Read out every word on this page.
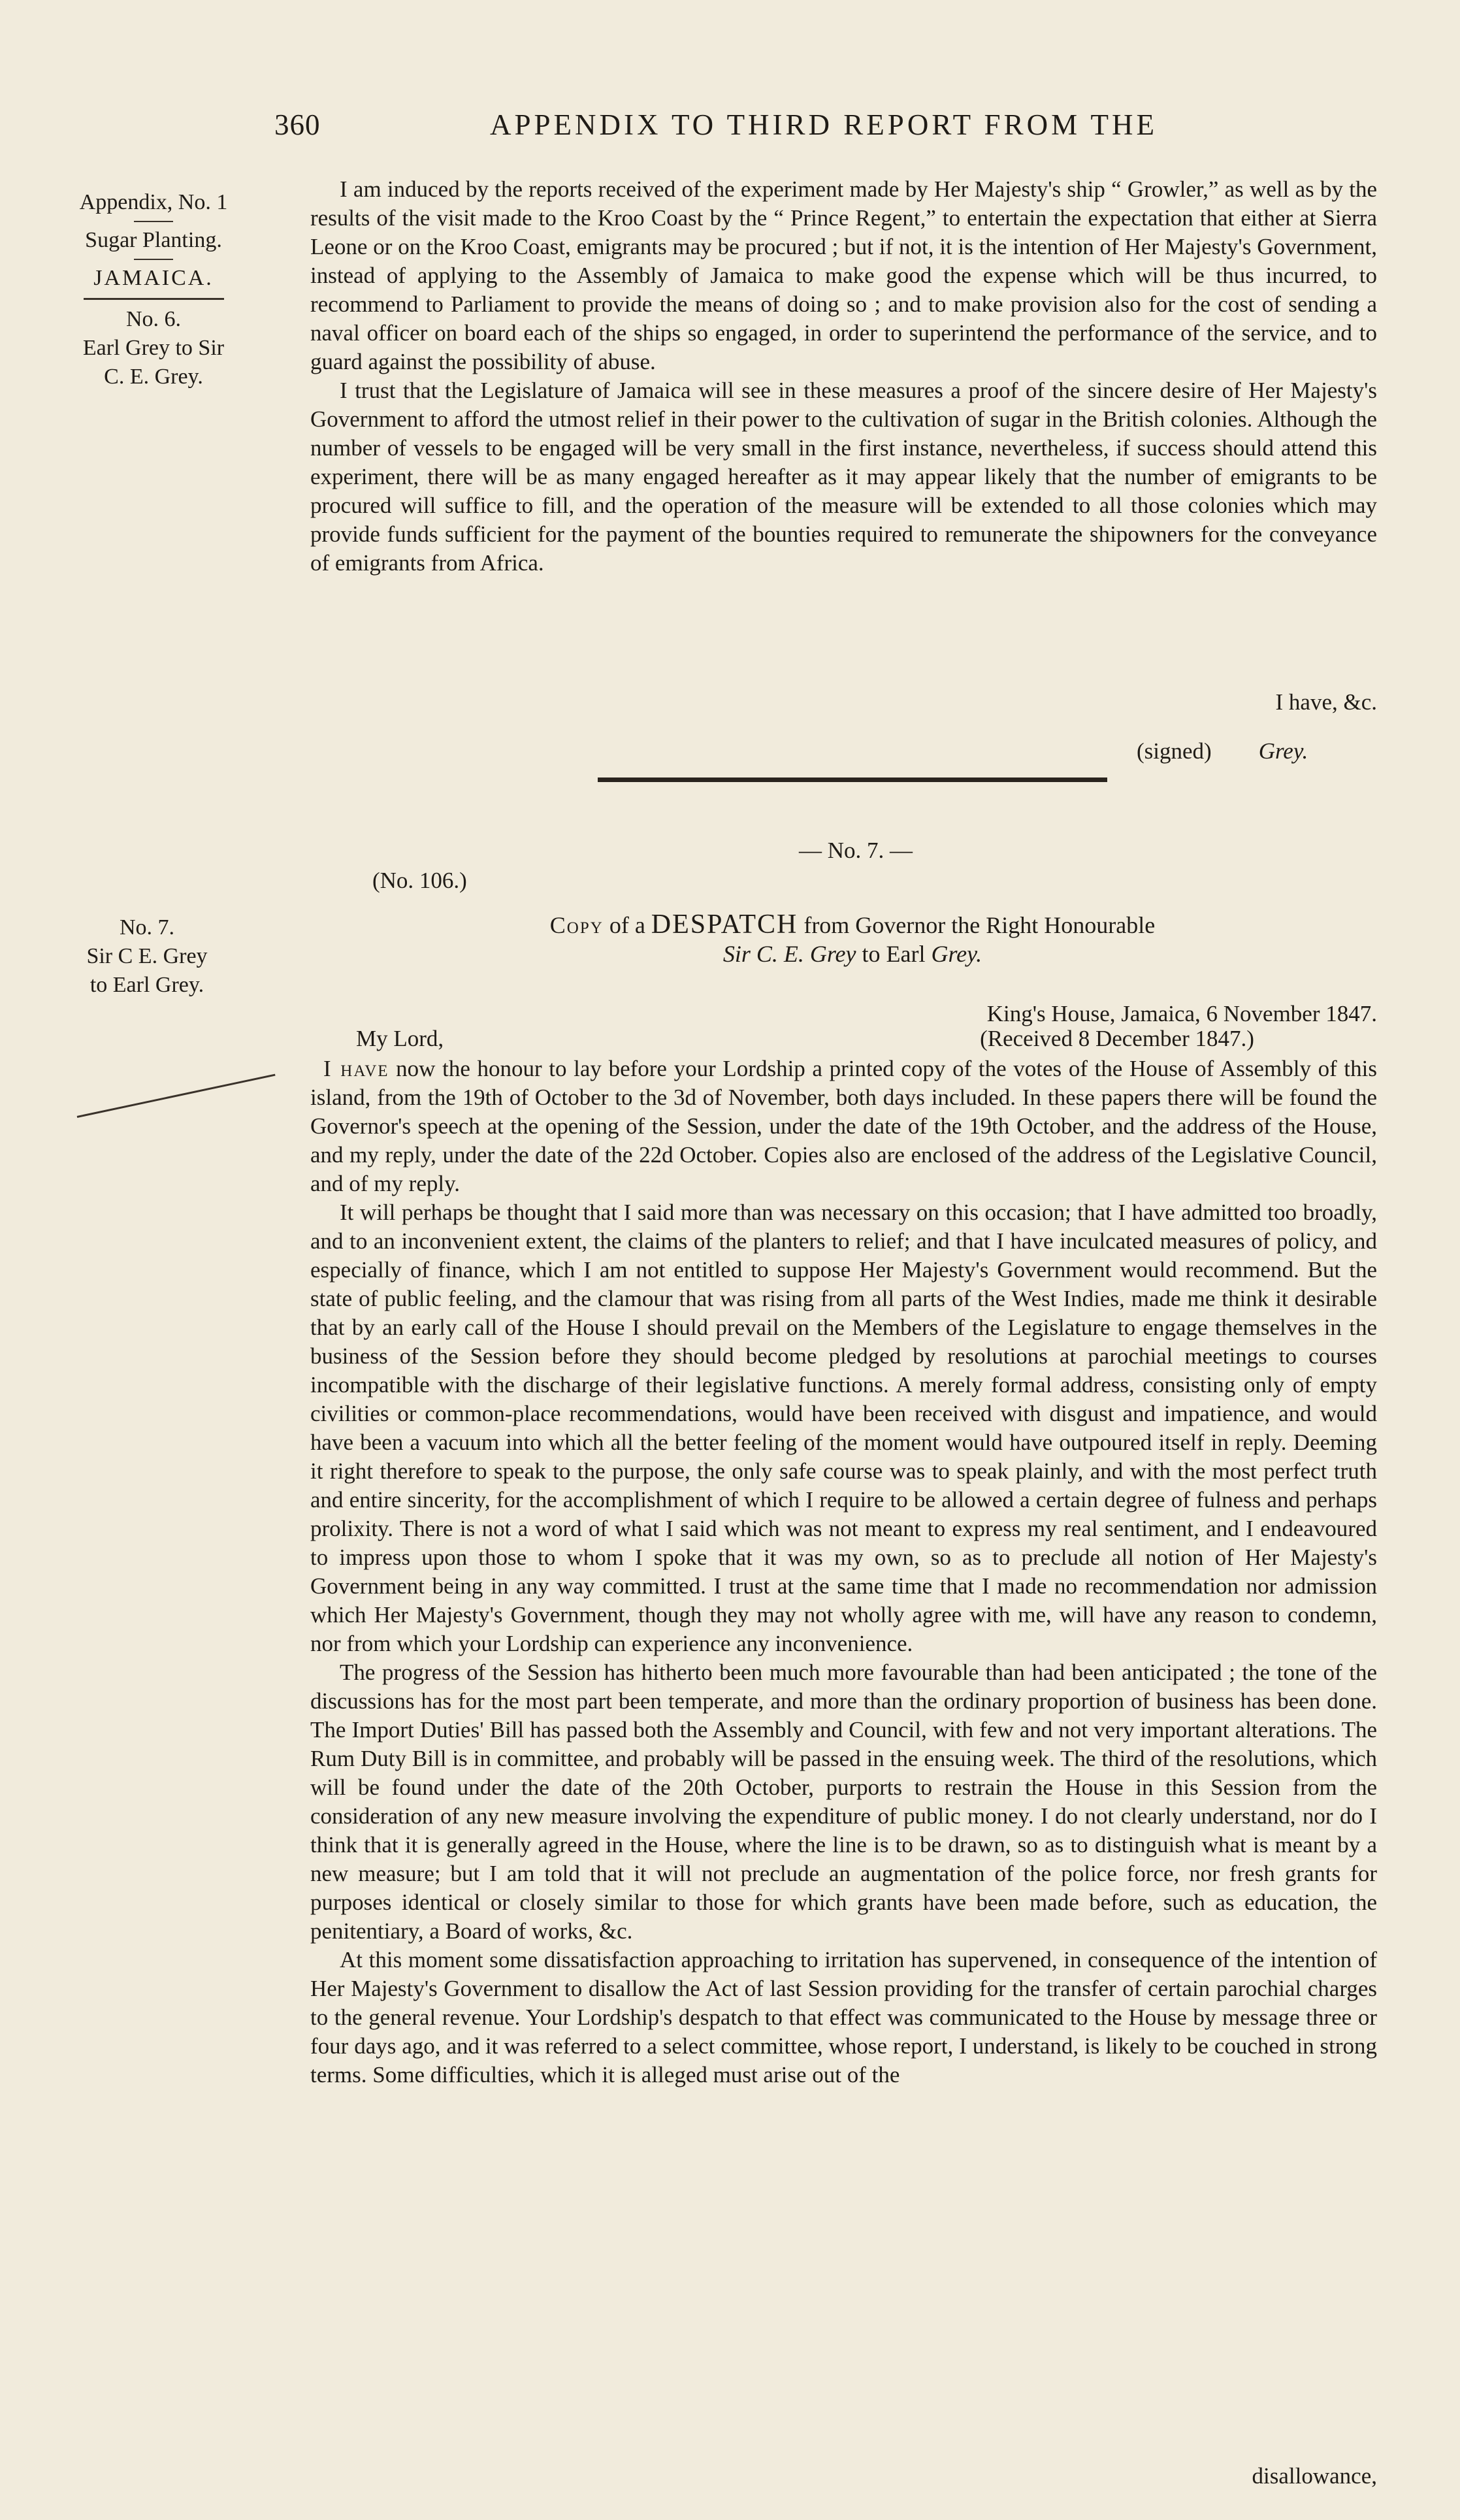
360	APPENDIX TO THIRD REPORT FROM THE
Appendix, No. 1
Sugar Planting.
JAMAICA.
No. 6.
Earl Grey to Sir
C. E. Grey.
No. 7.
Sir C E. Grey
to Earl Grey.

I am induced by the reports received of the experiment made by Her Majesty's ship “ Growler,” as well as by the results of the visit made to the Kroo Coast by the “ Prince Regent,” to entertain the expectation that either at Sierra Leone or on the Kroo Coast, emigrants may be procured ; but if not, it is the intention of Her Majesty's Government, instead of applying to the Assembly of Jamaica to make good the expense which will be thus incurred, to recommend to Parliament to provide the means of doing so ; and to make provision also for the cost of sending a naval officer on board each of the ships so engaged, in order to superintend the performance of the service, and to guard against the possibility of abuse.

I trust that the Legislature of Jamaica will see in these measures a proof of the sincere desire of Her Majesty's Government to afford the utmost relief in their power to the cultivation of sugar in the British colonies. Although the number of vessels to be engaged will be very small in the first instance, nevertheless, if success should attend this experiment, there will be as many engaged hereafter as it may appear likely that the number of emigrants to be procured will suffice to fill, and the operation of the measure will be extended to all those colonies which may provide funds sufficient for the payment of the bounties required to remunerate the shipowners for the conveyance of emigrants from Africa.

I have, &c.
(signed) Grey.
— No. 7. —
(No. 106.)
Copy of a DESPATCH from Governor the Right Honourable
Sir C. E. Grey to Earl Grey.
King's House, Jamaica, 6 November 1847.
(Received 8 December 1847.)
My Lord,

I have now the honour to lay before your Lordship a printed copy of the votes of the House of Assembly of this island, from the 19th of October to the 3d of November, both days included. In these papers there will be found the Governor's speech at the opening of the Session, under the date of the 19th October, and the address of the House, and my reply, under the date of the 22d October. Copies also are enclosed of the address of the Legislative Council, and of my reply.

It will perhaps be thought that I said more than was necessary on this occasion; that I have admitted too broadly, and to an inconvenient extent, the claims of the planters to relief; and that I have inculcated measures of policy, and especially of finance, which I am not entitled to suppose Her Majesty's Government would recommend. But the state of public feeling, and the clamour that was rising from all parts of the West Indies, made me think it desirable that by an early call of the House I should prevail on the Members of the Legislature to engage themselves in the business of the Session before they should become pledged by resolutions at parochial meetings to courses incompatible with the discharge of their legislative functions. A merely formal address, consisting only of empty civilities or common-place recommendations, would have been received with disgust and impatience, and would have been a vacuum into which all the better feeling of the moment would have outpoured itself in reply. Deeming it right therefore to speak to the purpose, the only safe course was to speak plainly, and with the most perfect truth and entire sincerity, for the accomplishment of which I require to be allowed a certain degree of fulness and perhaps prolixity. There is not a word of what I said which was not meant to express my real sentiment, and I endeavoured to impress upon those to whom I spoke that it was my own, so as to preclude all notion of Her Majesty's Government being in any way committed. I trust at the same time that I made no recommendation nor admission which Her Majesty's Government, though they may not wholly agree with me, will have any reason to condemn, nor from which your Lordship can experience any inconvenience.

The progress of the Session has hitherto been much more favourable than had been anticipated ; the tone of the discussions has for the most part been temperate, and more than the ordinary proportion of business has been done. The Import Duties' Bill has passed both the Assembly and Council, with few and not very important alterations. The Rum Duty Bill is in committee, and probably will be passed in the ensuing week. The third of the resolutions, which will be found under the date of the 20th October, purports to restrain the House in this Session from the consideration of any new measure involving the expenditure of public money. I do not clearly understand, nor do I think that it is generally agreed in the House, where the line is to be drawn, so as to distinguish what is meant by a new measure; but I am told that it will not preclude an augmentation of the police force, nor fresh grants for purposes identical or closely similar to those for which grants have been made before, such as education, the penitentiary, a Board of works, &c.

At this moment some dissatisfaction approaching to irritation has supervened, in consequence of the intention of Her Majesty's Government to disallow the Act of last Session providing for the transfer of certain parochial charges to the general revenue. Your Lordship's despatch to that effect was communicated to the House by message three or four days ago, and it was referred to a select committee, whose report, I understand, is likely to be couched in strong terms. Some difficulties, which it is alleged must arise out of the

disallowance,
